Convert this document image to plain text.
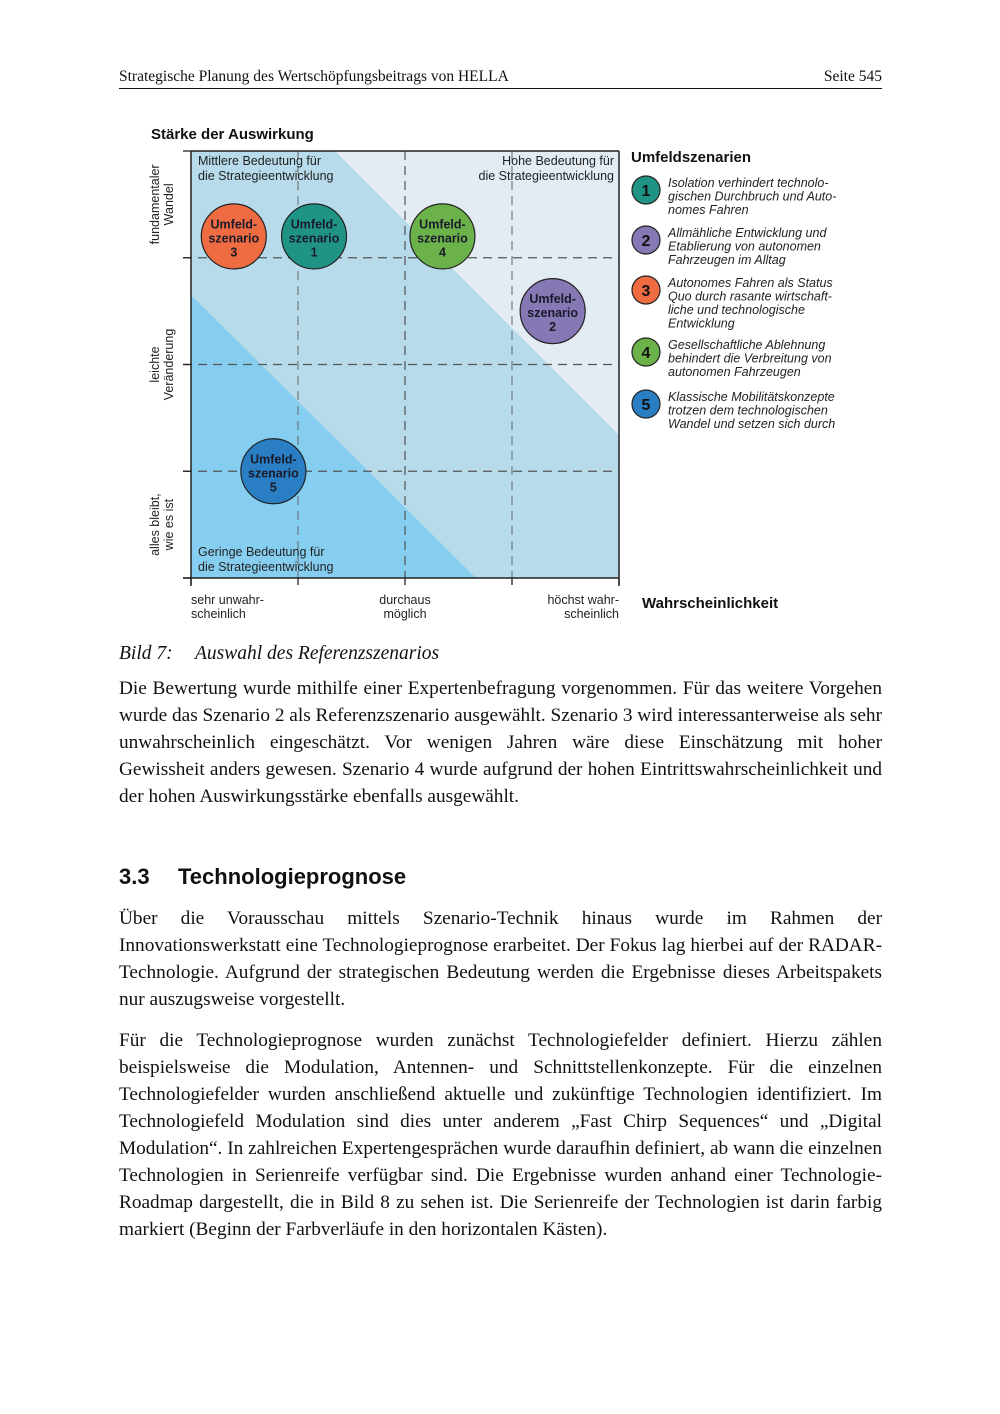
Strategische Planung des Wertschöpfungsbeitrags von HELLA	Seite 545
Mittlere Bedeutung für
die Strategieentwicklung
Hohe Bedeutung für
die Strategieentwicklung
Geringe Bedeutung für
die Strategieentwicklung
Stärke der Auswirkung
Wahrscheinlichkeit
sehr unwahr-
scheinlich
durchaus
möglich
höchst wahr-
scheinlich
alles bleibt, wie es ist
leichte Veränderung
fundamentaler Wandel	Umfeld-
szenario
3
Umfeld-
szenario
1
Umfeld-
szenario
4
Umfeld-
szenario
2
Umfeld-
szenario
5
Umfeldszenarien
1 Isolation verhindert technolo-
gischen Durchbruch und Auto-
nomes Fahren
2 Allmähliche Entwicklung und
Etablierung von autonomen
Fahrzeugen im Alltag
3 Autonomes Fahren als Status
Quo durch rasante wirtschaft-
liche und technologische
Entwicklung
4 Gesellschaftliche Ablehnung
behindert die Verbreitung von
autonomen Fahrzeugen
5 Klassische Mobilitätskonzepte
trotzen dem technologischen
Wandel und setzen sich durch
Bild 7: Auswahl des Referenzszenarios

Die Bewertung wurde mithilfe einer Expertenbefragung vorgenommen. Für das weitere Vorgehen wurde das Szenario 2 als Referenzszenario ausgewählt. Szenario 3 wird interessanterweise als sehr unwahrscheinlich eingeschätzt. Vor wenigen Jahren wäre diese Einschätzung mit hoher Gewissheit anders gewesen. Szenario 4 wurde aufgrund der hohen Eintrittswahrscheinlichkeit und der hohen Auswirkungsstärke ebenfalls ausgewählt.

3.3 Technologieprognose

Über die Vorausschau mittels Szenario-Technik hinaus wurde im Rahmen der Innovationswerkstatt eine Technologieprognose erarbeitet. Der Fokus lag hierbei auf der RADAR-Technologie. Aufgrund der strategischen Bedeutung werden die Ergebnisse dieses Arbeitspakets nur auszugsweise vorgestellt.

Für die Technologieprognose wurden zunächst Technologiefelder definiert. Hierzu zählen beispielsweise die Modulation, Antennen- und Schnittstellenkonzepte. Für die einzelnen Technologiefelder wurden anschließend aktuelle und zukünftige Technologien identifiziert. Im Technologiefeld Modulation sind dies unter anderem „Fast Chirp Sequences“ und „Digital Modulation“. In zahlreichen Expertengesprächen wurde daraufhin definiert, ab wann die einzelnen Technologien in Serienreife verfügbar sind. Die Ergebnisse wurden anhand einer Technologie-Roadmap dargestellt, die in Bild 8 zu sehen ist. Die Serienreife der Technologien ist darin farbig markiert (Beginn der Farbverläufe in den horizontalen Kästen).
